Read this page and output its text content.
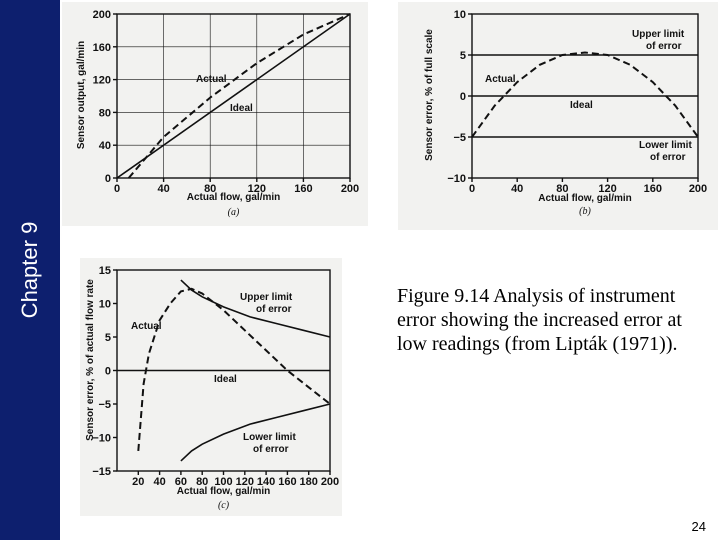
Chapter 9
0	40	80	120	160	200
0
40
80
120
160
200
Actual flow, gal/min
Sensor output, gal/min
(a)
0	40	80	120 160 200
−10
−5
0
5
10
Actual flow, gal/min
Sensor error, % of full scale
(b)
20 40 60 80 100 120 140 160 180 200
−15
−10
−5
0
5
10
15
Actual flow, gal/min
Sensor error, % of actual flow rate
(c)
Actual
Ideal
Upper limit
of error
Actual
Ideal
Lower limit
of error
Actual
Upper limit
of error
Ideal
Lower limit
of error
Figure 9.14 Analysis of instrument error showing the increased error at low readings (from Lipták (1971)).
24
